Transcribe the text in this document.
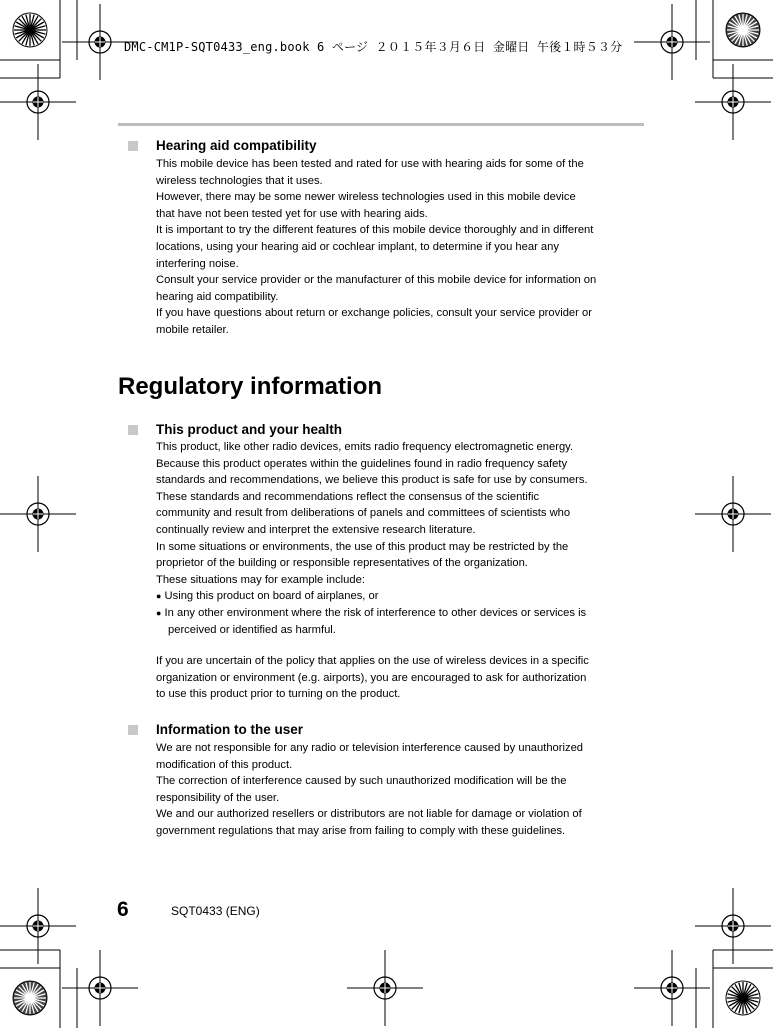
DMC-CM1P-SQT0433_eng.book 6 ページ ２０１５年３月６日 金曜日 午後１時５３分
Hearing aid compatibility
This mobile device has been tested and rated for use with hearing aids for some of the
wireless technologies that it uses.
However, there may be some newer wireless technologies used in this mobile device
that have not been tested yet for use with hearing aids.
It is important to try the different features of this mobile device thoroughly and in different
locations, using your hearing aid or cochlear implant, to determine if you hear any
interfering noise.
Consult your service provider or the manufacturer of this mobile device for information on
hearing aid compatibility.
If you have questions about return or exchange policies, consult your service provider or
mobile retailer.
Regulatory information
This product and your health
This product, like other radio devices, emits radio frequency electromagnetic energy.
Because this product operates within the guidelines found in radio frequency safety
standards and recommendations, we believe this product is safe for use by consumers.
These standards and recommendations reflect the consensus of the scientific
community and result from deliberations of panels and committees of scientists who
continually review and interpret the extensive research literature.
In some situations or environments, the use of this product may be restricted by the
proprietor of the building or responsible representatives of the organization.
These situations may for example include:
● Using this product on board of airplanes, or
● In any other environment where the risk of interference to other devices or services is
perceived or identified as harmful.
If you are uncertain of the policy that applies on the use of wireless devices in a specific
organization or environment (e.g. airports), you are encouraged to ask for authorization
to use this product prior to turning on the product.
Information to the user
We are not responsible for any radio or television interference caused by unauthorized
modification of this product.
The correction of interference caused by such unauthorized modification will be the
responsibility of the user.
We and our authorized resellers or distributors are not liable for damage or violation of
government regulations that may arise from failing to comply with these guidelines.
6	SQT0433 (ENG)
